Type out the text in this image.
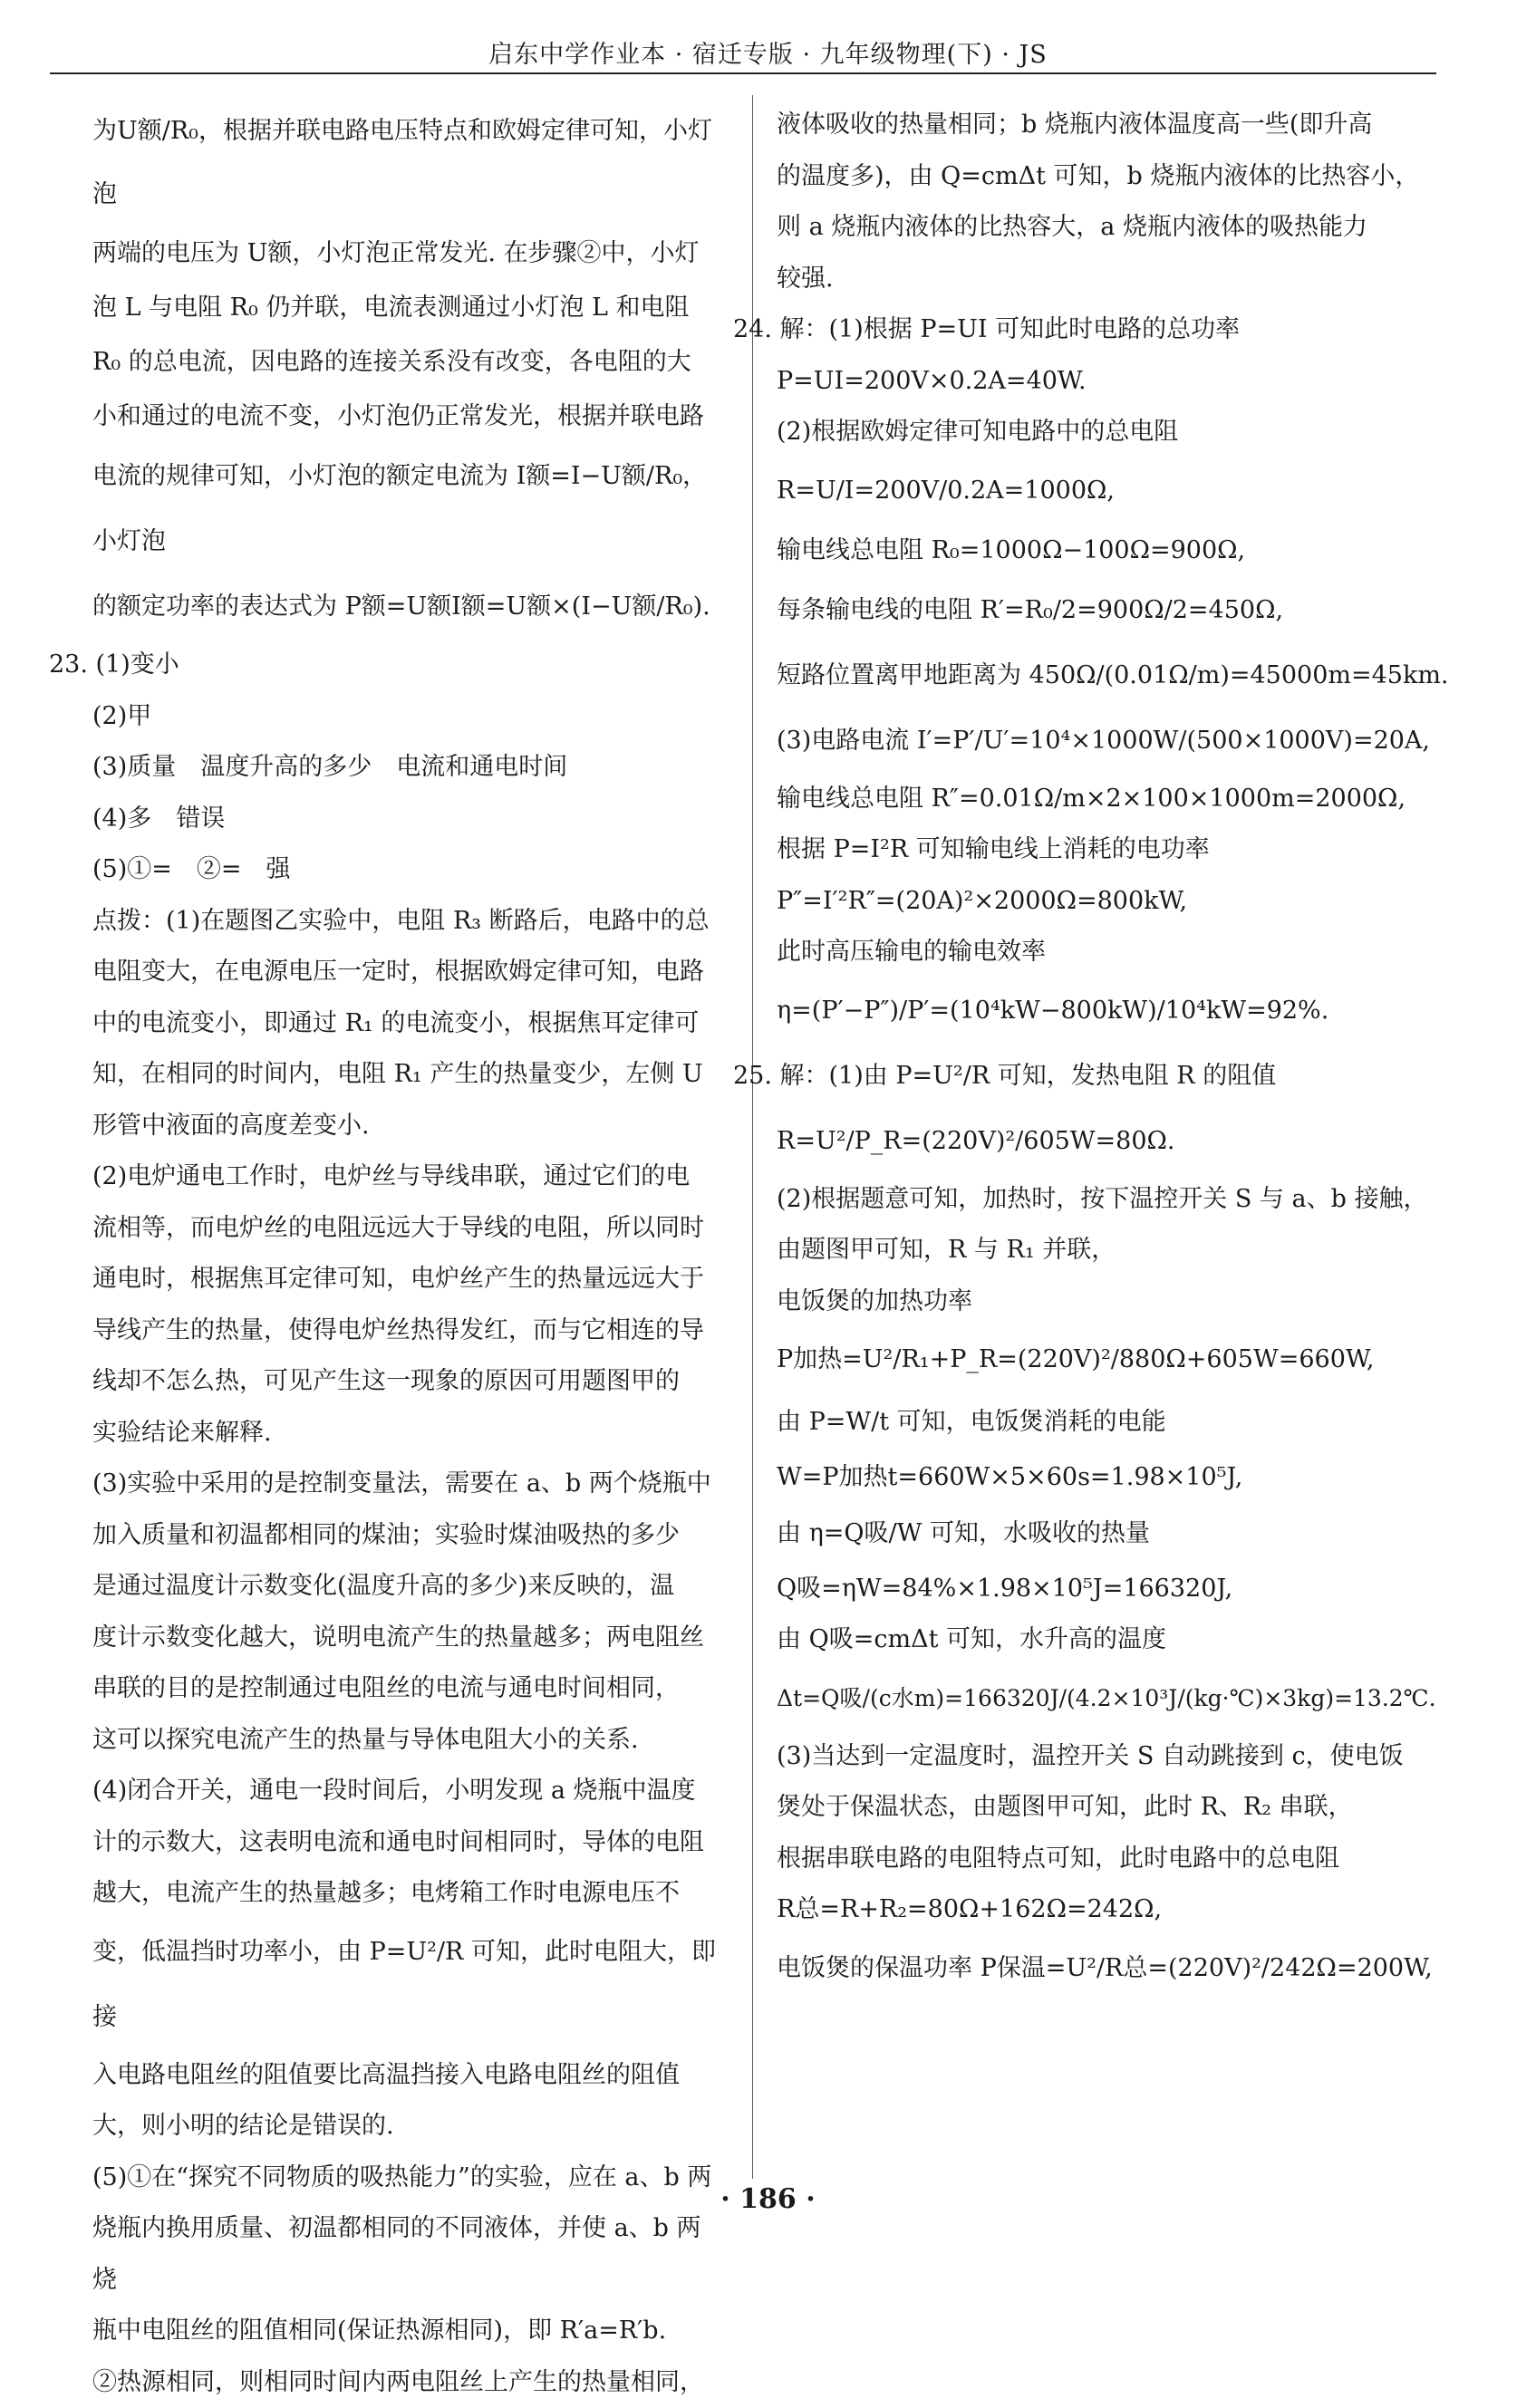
启东中学作业本 · 宿迁专版 · 九年级物理(下) · JS
为U额/R₀，根据并联电路电压特点和欧姆定律可知，小灯泡
两端的电压为 U额，小灯泡正常发光. 在步骤②中，小灯
泡 L 与电阻 R₀ 仍并联，电流表测通过小灯泡 L 和电阻
R₀ 的总电流，因电路的连接关系没有改变，各电阻的大
小和通过的电流不变，小灯泡仍正常发光，根据并联电路
电流的规律可知，小灯泡的额定电流为 I额=I−U额/R₀，小灯泡
的额定功率的表达式为 P额=U额I额=U额×(I−U额/R₀).
23. (1)变小
(2)甲
(3)质量　温度升高的多少　电流和通电时间
(4)多　错误
(5)①=　②=　强
点拨：(1)在题图乙实验中，电阻 R₃ 断路后，电路中的总
电阻变大，在电源电压一定时，根据欧姆定律可知，电路
中的电流变小，即通过 R₁ 的电流变小，根据焦耳定律可
知，在相同的时间内，电阻 R₁ 产生的热量变少，左侧 U
形管中液面的高度差变小.
(2)电炉通电工作时，电炉丝与导线串联，通过它们的电
流相等，而电炉丝的电阻远远大于导线的电阻，所以同时
通电时，根据焦耳定律可知，电炉丝产生的热量远远大于
导线产生的热量，使得电炉丝热得发红，而与它相连的导
线却不怎么热，可见产生这一现象的原因可用题图甲的
实验结论来解释.
(3)实验中采用的是控制变量法，需要在 a、b 两个烧瓶中
加入质量和初温都相同的煤油；实验时煤油吸热的多少
是通过温度计示数变化(温度升高的多少)来反映的，温
度计示数变化越大，说明电流产生的热量越多；两电阻丝
串联的目的是控制通过电阻丝的电流与通电时间相同，
这可以探究电流产生的热量与导体电阻大小的关系.
(4)闭合开关，通电一段时间后，小明发现 a 烧瓶中温度
计的示数大，这表明电流和通电时间相同时，导体的电阻
越大，电流产生的热量越多；电烤箱工作时电源电压不
变，低温挡时功率小，由 P=U²/R 可知，此时电阻大，即接
入电路电阻丝的阻值要比高温挡接入电路电阻丝的阻值
大，则小明的结论是错误的.
(5)①在“探究不同物质的吸热能力”的实验，应在 a、b 两
烧瓶内换用质量、初温都相同的不同液体，并使 a、b 两烧
瓶中电阻丝的阻值相同(保证热源相同)，即 R′a=R′b.
②热源相同，则相同时间内两电阻丝上产生的热量相同，
液体吸收的热量相同；b 烧瓶内液体温度高一些(即升高
的温度多)，由 Q=cmΔt 可知，b 烧瓶内液体的比热容小，
则 a 烧瓶内液体的比热容大，a 烧瓶内液体的吸热能力
较强.
24. 解：(1)根据 P=UI 可知此时电路的总功率
P=UI=200V×0.2A=40W.
(2)根据欧姆定律可知电路中的总电阻
R=U/I=200V/0.2A=1000Ω,
输电线总电阻 R₀=1000Ω−100Ω=900Ω,
每条输电线的电阻 R′=R₀/2=900Ω/2=450Ω,
短路位置离甲地距离为 450Ω/(0.01Ω/m)=45000m=45km.
(3)电路电流 I′=P′/U′=10⁴×1000W/(500×1000V)=20A,
输电线总电阻 R″=0.01Ω/m×2×100×1000m=2000Ω,
根据 P=I²R 可知输电线上消耗的电功率
P″=I′²R″=(20A)²×2000Ω=800kW,
此时高压输电的输电效率
η=(P′−P″)/P′=(10⁴kW−800kW)/10⁴kW=92%.
25. 解：(1)由 P=U²/R 可知，发热电阻 R 的阻值
R=U²/P_R=(220V)²/605W=80Ω.
(2)根据题意可知，加热时，按下温控开关 S 与 a、b 接触，
由题图甲可知，R 与 R₁ 并联，
电饭煲的加热功率
P加热=U²/R₁+P_R=(220V)²/880Ω+605W=660W,
由 P=W/t 可知，电饭煲消耗的电能
W=P加热t=660W×5×60s=1.98×10⁵J,
由 η=Q吸/W 可知，水吸收的热量
Q吸=ηW=84%×1.98×10⁵J=166320J,
由 Q吸=cmΔt 可知，水升高的温度
Δt=Q吸/(c水m)=166320J/(4.2×10³J/(kg·℃)×3kg)=13.2℃.
(3)当达到一定温度时，温控开关 S 自动跳接到 c，使电饭
煲处于保温状态，由题图甲可知，此时 R、R₂ 串联，
根据串联电路的电阻特点可知，此时电路中的总电阻
R总=R+R₂=80Ω+162Ω=242Ω,
电饭煲的保温功率 P保温=U²/R总=(220V)²/242Ω=200W,
· 186 ·
